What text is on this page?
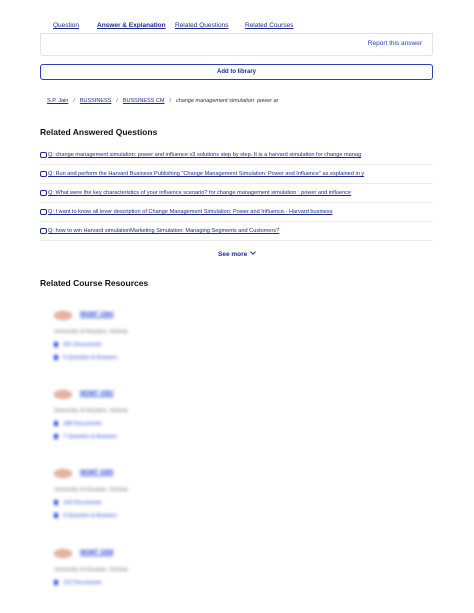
Question	Answer & Explanation Related Questions	Related Courses
Report this answer
Add to library
S.P. Jain / BUSSINESS / BUSSINESS CM / change management simulation: power ar
Related Answered Questions
Q: change management simulation: power and influence v3 solutions step by step. It is a harvard simulation for change manag
Q: Run and perform the Harvard Business Publishing "Change Management Simulation: Power and Influence" as explained in y
Q: What were the key characteristics of your influence scenario? for change management simulation : power and influence
Q: I want to know all lever description of Change Management Simulation: Power and Influence.- Harvard business
Q: how to win Harvard simulationMarketing Simulation: Managing Segments and Customers?
See more
Related Course Resources
MGMT 3364
University of Houston, Victoria
201 Documents
9 Question & Answers
MGMT 3362
University of Houston, Victoria
188 Documents
7 Question & Answers
MGMT 4300
University of Houston, Victoria
143 Documents
3 Question & Answers
MGMT 3308
University of Houston, Victoria
122 Documents
